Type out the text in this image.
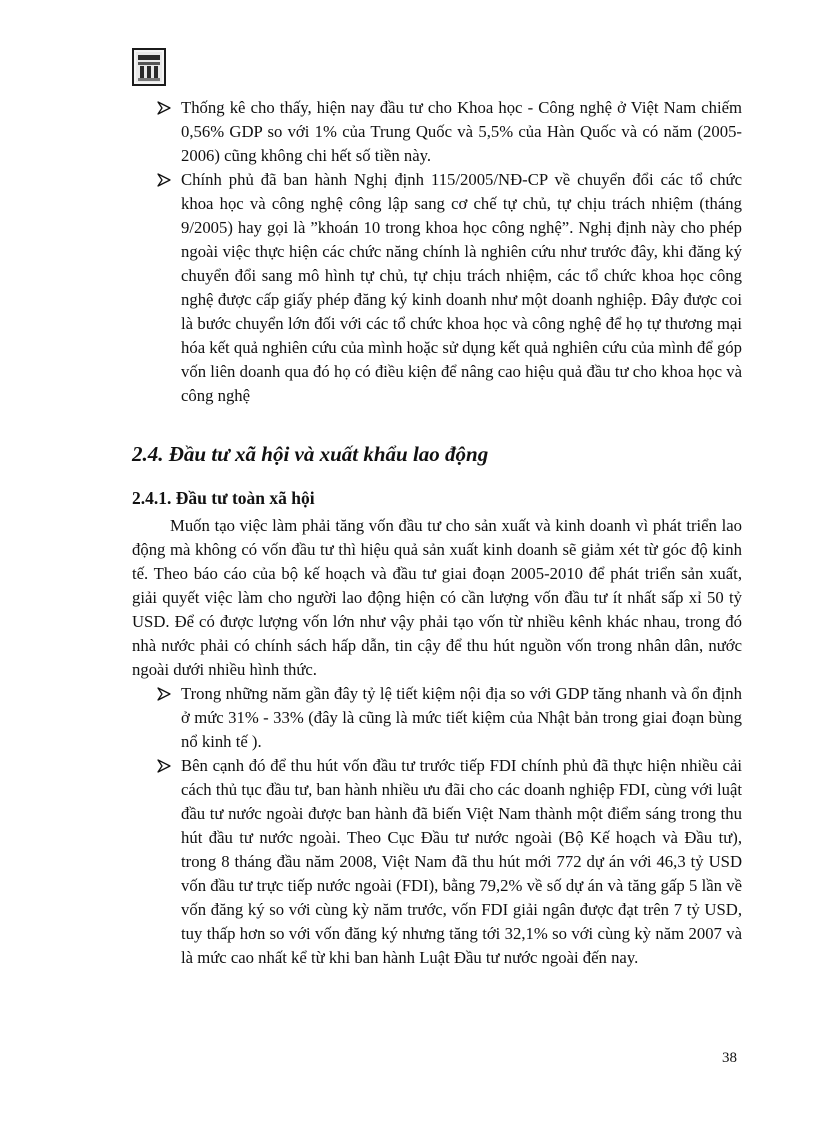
Thống kê cho thấy, hiện nay đầu tư cho Khoa học - Công nghệ ở Việt Nam chiếm 0,56% GDP so với 1% của Trung Quốc và 5,5% của Hàn Quốc và có năm (2005-2006) cũng không chi hết số tiền này.
Chính phủ đã ban hành Nghị định 115/2005/NĐ-CP về chuyển đổi các tổ chức khoa học và công nghệ công lập sang cơ chế tự chủ, tự chịu trách nhiệm (tháng 9/2005) hay gọi là ”khoán 10 trong khoa học công nghệ”. Nghị định này cho phép ngoài việc thực hiện các chức năng chính là nghiên cứu như trước đây, khi đăng ký chuyển đổi sang mô hình tự chủ, tự chịu trách nhiệm, các tổ chức khoa học công nghệ được cấp giấy phép đăng ký kinh doanh như một doanh nghiệp. Đây được coi là bước chuyển lớn đối với các tổ chức khoa học và công nghệ để họ tự thương mại hóa kết quả nghiên cứu của mình hoặc sử dụng kết quả nghiên cứu của mình để góp vốn liên doanh qua đó họ có điều kiện để nâng cao hiệu quả đầu tư cho khoa học và công nghệ
2.4. Đầu tư xã hội và xuất khẩu lao động
2.4.1. Đầu tư toàn xã hội

Muốn tạo việc làm phải tăng vốn đầu tư cho sản xuất và kinh doanh vì phát triển lao động mà không có vốn đầu tư thì hiệu quả sản xuất kinh doanh sẽ giảm xét từ góc độ kinh tế. Theo báo cáo của bộ kế hoạch và đầu tư giai đoạn 2005-2010 để phát triển sản xuất, giải quyết việc làm cho người lao động hiện có cần lượng vốn đầu tư ít nhất sấp xỉ 50 tỷ USD. Để có được lượng vốn lớn như vậy phải tạo vốn từ nhiều kênh khác nhau, trong đó nhà nước phải có chính sách hấp dẫn, tin cậy để thu hút nguồn vốn trong nhân dân, nước ngoài dưới nhiều hình thức.

Trong những năm gần đây tỷ lệ tiết kiệm nội địa so với GDP tăng nhanh và ổn định ở mức 31% - 33% (đây là cũng là mức tiết kiệm của Nhật bản trong giai đoạn bùng nổ kinh tế ).
Bên cạnh đó để thu hút vốn đầu tư trước tiếp FDI chính phủ đã thực hiện nhiều cải cách thủ tục đầu tư, ban hành nhiều ưu đãi cho các doanh nghiệp FDI, cùng với luật đầu tư nước ngoài được ban hành đã biến Việt Nam thành một điểm sáng trong thu hút đầu tư nước ngoài. Theo Cục Đầu tư nước ngoài (Bộ Kế hoạch và Đầu tư), trong 8 tháng đầu năm 2008, Việt Nam đã thu hút mới 772 dự án với 46,3 tỷ USD vốn đầu tư trực tiếp nước ngoài (FDI), bằng 79,2% về số dự án và tăng gấp 5 lần về vốn đăng ký so với cùng kỳ năm trước, vốn FDI giải ngân được đạt trên 7 tỷ USD, tuy thấp hơn so với vốn đăng ký nhưng tăng tới 32,1% so với cùng kỳ năm 2007 và là mức cao nhất kể từ khi ban hành Luật Đầu tư nước ngoài đến nay.
38
